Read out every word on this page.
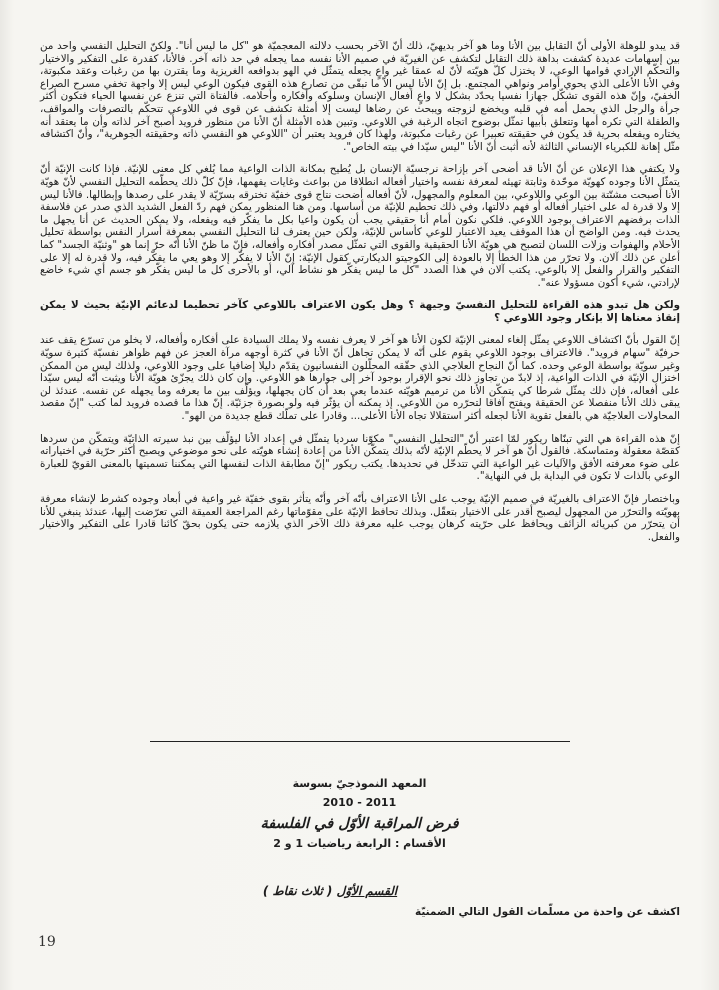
قد يبدو للوهلة الأولى أنّ التقابل بين الأنا وما هو آخر بديهيّ، ذلك أنّ الآخر بحسب دلالته المعجميّة هو "كل ما ليس أنا". ولكنّ التحليل النفسي واحد من بين إسهامات عديدة كشفت بداهة ذلك التقابل لتكشف عن الغيريّة في صميم الأنا نفسه مما يجعله في حد ذاته آخر. فالأنا، كقدرة على التفكير والاختيار والتحكّم الإرادي قوامها الوعي، لا يختزل كلّ هويّته لأنّ له عمقا غير واعٍ يجعله يتمثّل في الهو بدوافعه الغريزية وما يقترن بها من رغبات وعقد مكبوتة، وفي الأنا الأعلى الذي يحوي أوامر ونواهي المجتمع. بل إنّ الأنا ليس الاّ ما تبقّى من تصارع هذه القوى فيكون الوعي ليس إلا واجهة تخفي مسرح الصراع الخفيّ، وإنّ هذه القوى تشكّل جهازا نفسيا يحدّد بشكل لا واعٍ أفعال الإنسان وسلوكه وأفكاره وأحلامه. فالفتاة التي تنزع عن نفسها الحياء فتكون أكثر جرأة والرجل الذي يحمل أمه في قلبه ويخضع لزوجته ويبحث عن رضاها ليست إلا أمثلة تكشف عن قوى في اللاوعي تتحكّم بالتصرفات والمواقف، والطفلة التي تكره أمها وتتعلق بأبيها تمثّل بوضوح اتجاه الرغبة في اللاوعي. وتبين هذه الأمثلة أنّ الأنا من منظور فرويد أصبح آخر لذاته وأن ما يعتقد أنه يختاره ويفعله بحرية قد يكون في حقيقته تعبيرا عن رغبات مكبوتة، ولهذا كان فرويد يعتبر أن "اللاوعي هو النفسي ذاته وحقيقته الجوهرية"، وأنّ اكتشافه مثّل إهانة للكبرياء الإنساني الثالثة لأنه أثبت أنّ الأنا "ليس سيّدا في بيته الخاص".

ولا يكتفي هذا الإعلان عن أنّ الأنا قد أضحى آخر بإزاحة نرجسيّة الإنسان بل يُطيح بمكانة الذات الواعية مما يُلغي كل معنى للإنيّة. فإذا كانت الإنيّة أنّ يتمثّل الأنا وجوده كهويّة موحّدة وثابتة تهيئه لمعرفة نفسه واختيار أفعاله انطلاقا من بواعث وغايات يفهمها، فإنّ كلّ ذلك يحطّمه التحليل النفسي لأنّ هويّة الأنا أصبحت مشتّتة بين الوعي واللاوعي، بين المعلوم والمجهول، لأنّ أفعاله أضحت نتاج قوى خفيّة تخترقه بسرّيّة لا يقدر على رصدها وإبطالها. فالأنا ليس إلا ولا قدرة له على اختيار أفعاله أو فهم دلالتها، وفي ذلك تحطيم للإنيّة من أساسها. ومن هنا المنظور يمكن فهم ردّ الفعل الشديد الذي صدر عن فلاسفة الذات برفضهم الاعتراف بوجود اللاوعي. فلكي نكون أمام أنا حقيقي يجب أن يكون واعيا بكل ما يفكّر فيه ويفعله، ولا يمكن الحديث عن أنا يجهل ما يحدث فيه. ومن الواضح أن هذا الموقف يعيد الاعتبار للوعي كأساس للإنيّة، ولكن حين يعترف لنا التحليل النفسي بمعرفة أسرار النفس بواسطة تحليل الأحلام والهفوات وزلات اللسان لتصبح هي هويّة الأنا الحقيقية والقوى التي تمثّل مصدر أفكاره وأفعاله، فإنّ ما ظنّ الأنا أنّه حرّ إنما هو "وثنيّة الجسد" كما أعلن عن ذلك آلان. ولا تحرّر من هذا الخطأ إلا بالعودة إلى الكوجيتو الديكارتي كقول الإنيّة: إنّ الأنا لا يفكّر إلا وهو يعي ما يفكّر فيه، ولا قدرة له إلا على التفكير والقرار والفعل إلا بالوعي. يكتب آلان في هذا الصدد "كل ما ليس يفكّر هو نشاط آلي، أو بالأحرى كل ما ليس يفكّر هو جسم أي شيء خاضع لإرادتي، شيء أكون مسؤولا عنه".

ولكن هل تبدو هذه القراءة للتحليل النفسيّ وجيهة ؟ وهل يكون الاعتراف باللاوعي كآخر تحطيما لدعائم الإنيّة بحيث لا يمكن إنقاذ معناها إلا بإنكار وجود اللاوعي ؟

إنّ القول بأنّ اكتشاف اللاوعي يمثّل إلغاء لمعنى الإنيّة لكون الأنا هو آخر لا يعرف نفسه ولا يملك السيادة على أفكاره وأفعاله، لا يخلو من تسرّع يقف عند حرفيّة "سهام فرويد". فالاعتراف بوجود اللاوعي يقوم على أنّه لا يمكن تجاهل أنّ الأنا في كثرة أوجهه مرآة العجز عن فهم ظواهر نفسيّة كثيرة سويّة وغير سويّة بواسطة الوعي وحده. كما أنّ النجاح العلاجي الذي حقّقه المحلّلون النفسانيون يقدّم دليلا إضافيا على وجود اللاوعي، ولذلك ليس من الممكن اختزال الإنيّة في الذات الواعية، إذ لابدّ من تجاوز ذلك نحو الإقرار بوجود آخر إلى جوارها هو اللاوعي. وإن كان ذلك يجزّئ هويّة الأنا ويثبت أنّه ليس سيّدا على أفعاله، فإن ذلك يمثّل شرطا كي يتمكّن الأنا من ترميم هويّته عندما يعي بعد أن كان يجهلها، ويؤلّف بين ما يعرفه وما يجهله عن نفسه. عندئذ لن يبقى ذلك الأنا منفصلا عن الحقيقة ويفتح آفاقا لتحرّره من اللاوعي. إذ يمكنه أن يؤثّر فيه ولو بصورة جزئيّة. إنّ هذا ما قصده فرويد لما كتب "إنّ مقصد المحاولات العلاجيّة هي بالفعل تقوية الأنا لجعله أكثر استقلالا تجاه الأنا الأعلى... وقادرا على تملّك قطع جديدة من الهو".

إنّ هذه القراءة هي التي تبنّاها ريكور لمّا اعتبر أنّ "التحليل النفسي" مكوّنا سرديا يتمثّل في إعداد الأنا ليؤلّف بين نبذ سيرته الذاتيّة ويتمكّن من سردها كقصّة معقولة ومتماسكة. فالقول أنّ هو آخر لا يحطّم الإنيّة لأنّه بذلك يتمكّن الأنا من إعادة إنشاء هويّته على نحو موضوعي ويصبح أكثر حرّية في اختياراته على ضوء معرفته الأفق والآليات غير الواعية التي تتدخّل في تحديدها. يكتب ريكور "إنّ مطابقة الذات لنفسها التي يمكننا تسميتها بالمعنى القويّ للعبارة الوعي بالذات لا تكون في البداية بل في النهاية".

وباختصار فإنّ الاعتراف بالغيريّة في صميم الإنيّة يوجب على الأنا الاعتراف بأنّه آخر وأنّه يتأثر بقوى خفيّة غير واعية في أبعاد وجوده كشرط لإنشاء معرفة بهويّته والتحرّر من المجهول ليصبح أقدر على الاختيار بتعقّل. وبذلك تحافظ الإنيّة على مقوّماتها رغم المراجعة العميقة التي تعرّضت إليها، عندئذ ينبغي للأنا أن يتحرّر من كبريائه الزائف ويحافظ على حرّيته كرهان يوجب عليه معرفة ذلك الآخر الذي يلازمه حتى يكون بحقّ كائنا قادرا على التفكير والاختيار والفعل.

المعهد النموذجيّ بسوسة
2010 - 2011
فرض المراقبة الأوّل في الفلسفة
الأقسام : الرابعة رياضيات 1 و 2
القسم الأوّل ( ثلاث نقاط )
اكشف عن واحدة من مسلّمات القول التالي الضمنيّة
19
